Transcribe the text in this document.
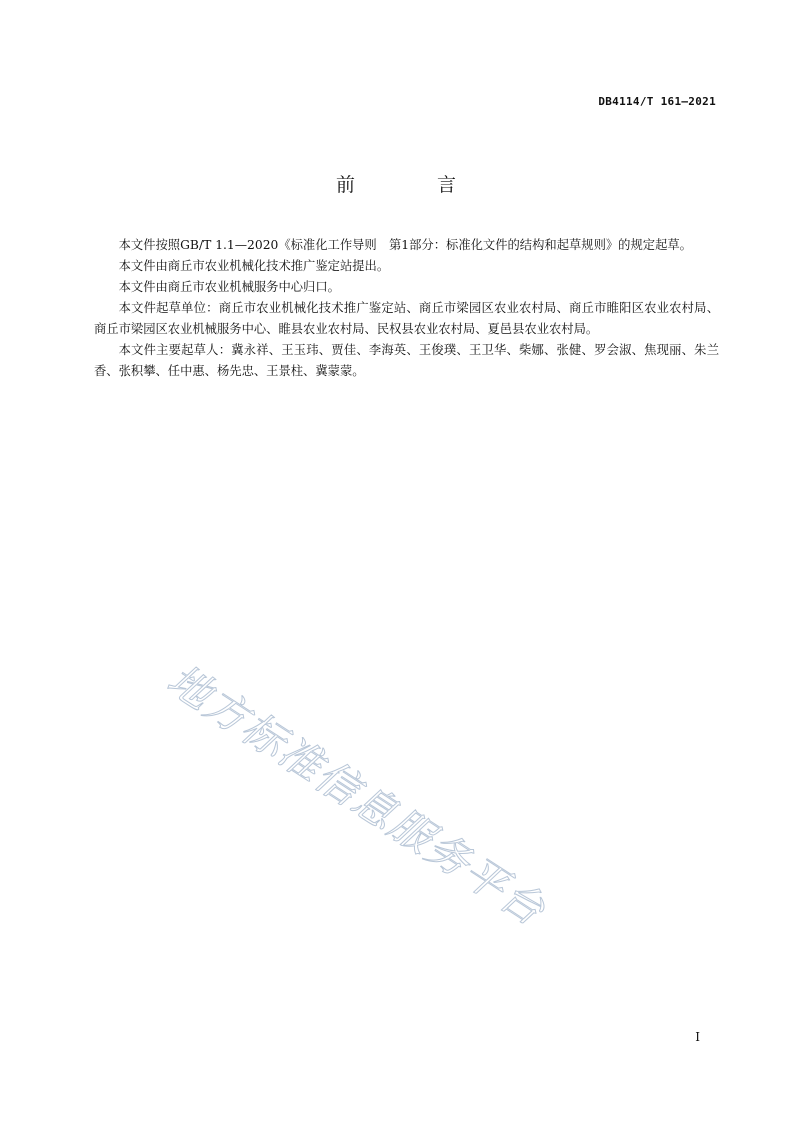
DB4114/T 161—2021
前 言

本文件按照GB/T 1.1—2020《标准化工作导则　第1部分：标准化文件的结构和起草规则》的规定起草。

本文件由商丘市农业机械化技术推广鉴定站提出。

本文件由商丘市农业机械服务中心归口。

本文件起草单位：商丘市农业机械化技术推广鉴定站、商丘市梁园区农业农村局、商丘市睢阳区农业农村局、商丘市梁园区农业机械服务中心、睢县农业农村局、民权县农业农村局、夏邑县农业农村局。

本文件主要起草人：冀永祥、王玉玮、贾佳、李海英、王俊璞、王卫华、柴娜、张健、罗会淑、焦现丽、朱兰香、张积攀、任中惠、杨先忠、王景柱、冀蒙蒙。

地方标准信息服务平台
I
